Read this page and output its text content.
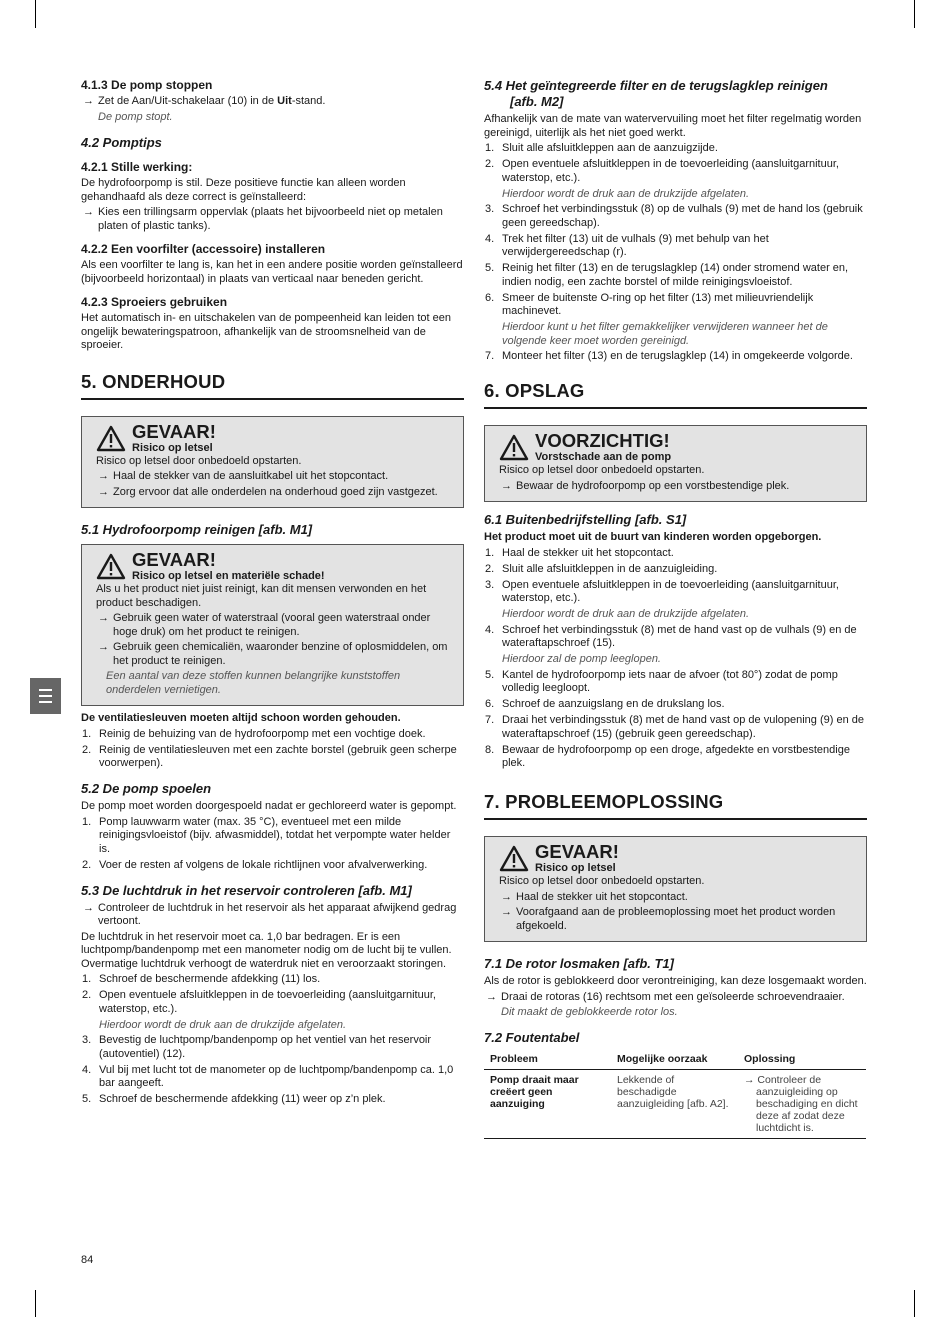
4.1.3 De pomp stoppen

→ Zet de Aan/Uit-schakelaar (10) in de Uit-stand.

De pomp stopt.

4.2 Pomptips
4.2.1 Stille werking:

De hydrofoorpomp is stil. Deze positieve functie kan alleen worden gehandhaafd als deze correct is geïnstalleerd:

→ Kies een trillingsarm oppervlak (plaats het bijvoorbeeld niet op metalen platen of plastic tanks).

4.2.2 Een voorfilter (accessoire) installeren

Als een voorfilter te lang is, kan het in een andere positie worden geïnstalleerd (bijvoorbeeld horizontaal) in plaats van verticaal naar beneden gericht.

4.2.3 Sproeiers gebruiken

Het automatisch in- en uitschakelen van de pompeenheid kan leiden tot een ongelijk bewateringspatroon, afhankelijk van de stroomsnelheid van de sproeier.

5. ONDERHOUD
GEVAAR!
Risico op letsel

Risico op letsel door onbedoeld opstarten.

→ Haal de stekker van de aansluitkabel uit het stopcontact.

→ Zorg ervoor dat alle onderdelen na onderhoud goed zijn vastgezet.

5.1 Hydrofoorpomp reinigen [afb. M1]
GEVAAR!
Risico op letsel en materiële schade!

Als u het product niet juist reinigt, kan dit mensen verwonden en het product beschadigen.

→ Gebruik geen water of waterstraal (vooral geen waterstraal onder hoge druk) om het product te reinigen.

→ Gebruik geen chemicaliën, waaronder benzine of oplosmiddelen, om het product te reinigen.

Een aantal van deze stoffen kunnen belangrijke kunststoffen onderdelen vernietigen.

De ventilatiesleuven moeten altijd schoon worden gehouden.

1. Reinig de behuizing van de hydrofoorpomp met een vochtige doek.
2. Reinig de ventilatiesleuven met een zachte borstel (gebruik geen scherpe voorwerpen).
5.2 De pomp spoelen

De pomp moet worden doorgespoeld nadat er gechloreerd water is gepompt.

1. Pomp lauwwarm water (max. 35 °C), eventueel met een milde reinigingsvloeistof (bijv. afwasmiddel), totdat het verpompte water helder is.
2. Voer de resten af volgens de lokale richtlijnen voor afvalverwerking.
5.3 De luchtdruk in het reservoir controleren [afb. M1]

→ Controleer de luchtdruk in het reservoir als het apparaat afwijkend gedrag vertoont.

De luchtdruk in het reservoir moet ca. 1,0 bar bedragen. Er is een luchtpomp/bandenpomp met een manometer nodig om de lucht bij te vullen. Overmatige luchtdruk verhoogt de waterdruk niet en veroorzaakt storingen.

1. Schroef de beschermende afdekking (11) los.
2. Open eventuele afsluitkleppen in de toevoerleiding (aansluitgarnituur, waterstop, etc.).

Hierdoor wordt de druk aan de drukzijde afgelaten.

3. Bevestig de luchtpomp/bandenpomp op het ventiel van het reservoir (autoventiel) (12).
4. Vul bij met lucht tot de manometer op de luchtpomp/bandenpomp ca. 1,0 bar aangeeft.
5. Schroef de beschermende afdekking (11) weer op z’n plek.
5.4 Het geïntegreerde filter en de terugslagklep reinigen
[afb. M2]

Afhankelijk van de mate van watervervuiling moet het filter regelmatig worden gereinigd, uiterlijk als het niet goed werkt.

1. Sluit alle afsluitkleppen aan de aanzuigzijde.
2. Open eventuele afsluitkleppen in de toevoerleiding (aansluitgarnituur, waterstop, etc.).

Hierdoor wordt de druk aan de drukzijde afgelaten.

3. Schroef het verbindingsstuk (8) op de vulhals (9) met de hand los (gebruik geen gereedschap).
4. Trek het filter (13) uit de vulhals (9) met behulp van het verwijdergereedschap (r).
5. Reinig het filter (13) en de terugslagklep (14) onder stromend water en, indien nodig, een zachte borstel of milde reinigingsvloeistof.
6. Smeer de buitenste O-ring op het filter (13) met milieuvriendelijk machinevet.

Hierdoor kunt u het filter gemakkelijker verwijderen wanneer het de volgende keer moet worden gereinigd.

7. Monteer het filter (13) en de terugslagklep (14) in omgekeerde volgorde.
6. OPSLAG
VOORZICHTIG!
Vorstschade aan de pomp

Risico op letsel door onbedoeld opstarten.

→ Bewaar de hydrofoorpomp op een vorstbestendige plek.

6.1 Buitenbedrijfstelling [afb. S1]

Het product moet uit de buurt van kinderen worden opgeborgen.

1. Haal de stekker uit het stopcontact.
2. Sluit alle afsluitkleppen in de aanzuigleiding.
3. Open eventuele afsluitkleppen in de toevoerleiding (aansluitgarnituur, waterstop, etc.).

Hierdoor wordt de druk aan de drukzijde afgelaten.

4. Schroef het verbindingsstuk (8) met de hand vast op de vulhals (9) en de wateraftapschroef (15).

Hierdoor zal de pomp leeglopen.

5. Kantel de hydrofoorpomp iets naar de afvoer (tot 80°) zodat de pomp volledig leegloopt.
6. Schroef de aanzuigslang en de drukslang los.
7. Draai het verbindingsstuk (8) met de hand vast op de vulopening (9) en de wateraftapschroef (15) (gebruik geen gereedschap).
8. Bewaar de hydrofoorpomp op een droge, afgedekte en vorstbestendige plek.
7. PROBLEEMOPLOSSING
GEVAAR!
Risico op letsel

Risico op letsel door onbedoeld opstarten.

→ Haal de stekker uit het stopcontact.

→ Voorafgaand aan de probleemoplossing moet het product worden afgekoeld.

7.1 De rotor losmaken [afb. T1]

Als de rotor is geblokkeerd door verontreiniging, kan deze losgemaakt worden.

→ Draai de rotoras (16) rechtsom met een geïsoleerde schroevendraaier.

Dit maakt de geblokkeerde rotor los.

7.2 Foutentabel
Probleem	Mogelijke oorzaak	Oplossing
Pomp draait maar creëert geen aanzuiging	Lekkende of beschadigde aanzuigleiding [afb. A2].	→ Controleer de aanzuigleiding op beschadiging en dicht deze af zodat deze luchtdicht is.
84
